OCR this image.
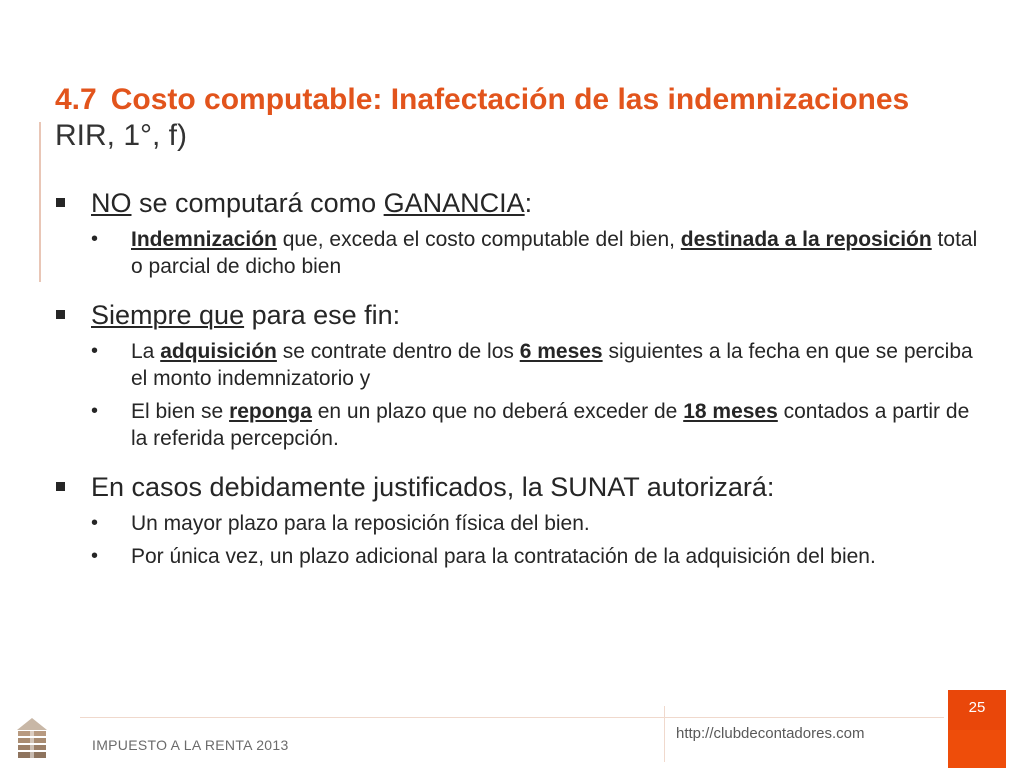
4.7 Costo computable: Inafectación de las indemnizaciones
RIR, 1°, f)
NO se computará como GANANCIA:
• Indemnización que, exceda el costo computable del bien, destinada a la reposición total o parcial de dicho bien
Siempre que para ese fin:
• La adquisición se contrate dentro de los 6 meses siguientes a la fecha en que se perciba el monto indemnizatorio y
• El bien se reponga en un plazo que no deberá exceder de 18 meses contados a partir de la referida percepción.
En casos debidamente justificados, la SUNAT autorizará:
• Un mayor plazo para la reposición física del bien.
• Por única vez, un plazo adicional para la contratación de la adquisición del bien.
IMPUESTO A LA RENTA 2013
http://clubdecontadores.com
25
